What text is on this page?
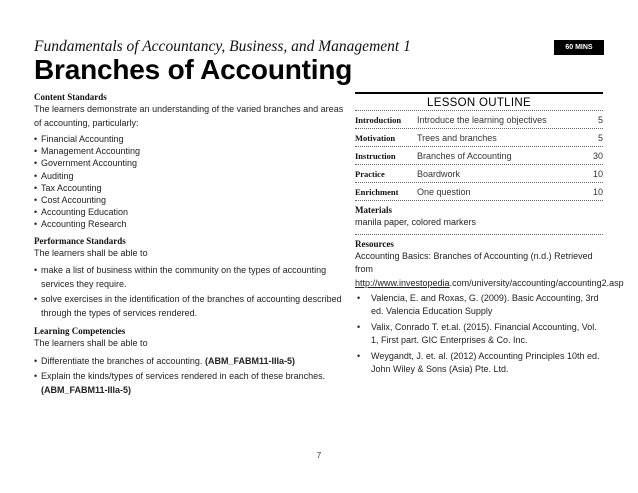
Fundamentals of Accountancy, Business, and Management 1	60 MINS
Branches of Accounting
Content Standards
The learners demonstrate an understanding of the varied branches and areas of accounting, particularly:
• Financial Accounting
• Management Accounting
• Government Accounting
• Auditing
• Tax Accounting
• Cost Accounting
• Accounting Education
• Accounting Research
Performance Standards
The learners shall be able to
• make a list of business within the community on the types of accounting services they require.
• solve exercises in the identification of the branches of accounting described through the types of services rendered.
Learning Competencies
The learners shall be able to
• Differentiate the branches of accounting. (ABM_FABM11-IIIa-5)
• Explain the kinds/types of services rendered in each of these branches. (ABM_FABM11-IIIa-5)
LESSON OUTLINE
Introduction	Introduce the learning objectives	5
Motivation	Trees and branches	5
Instruction	Branches of Accounting	30
Practice	Boardwork	10
Enrichment	One question	10
Materials
manila paper, colored markers
Resources
Accounting Basics: Branches of Accounting (n.d.) Retrieved from http://www.investopedia.com/university/accounting/accounting2.asp
• Valencia, E. and Roxas, G. (2009). Basic Accounting, 3rd ed. Valencia Education Supply
• Valix, Conrado T. et.al. (2015). Financial Accounting, Vol. 1, First part. GIC Enterprises & Co. Inc.
• Weygandt, J. et. al. (2012) Accounting Principles 10th ed. John Wiley & Sons (Asia) Pte. Ltd.
7
